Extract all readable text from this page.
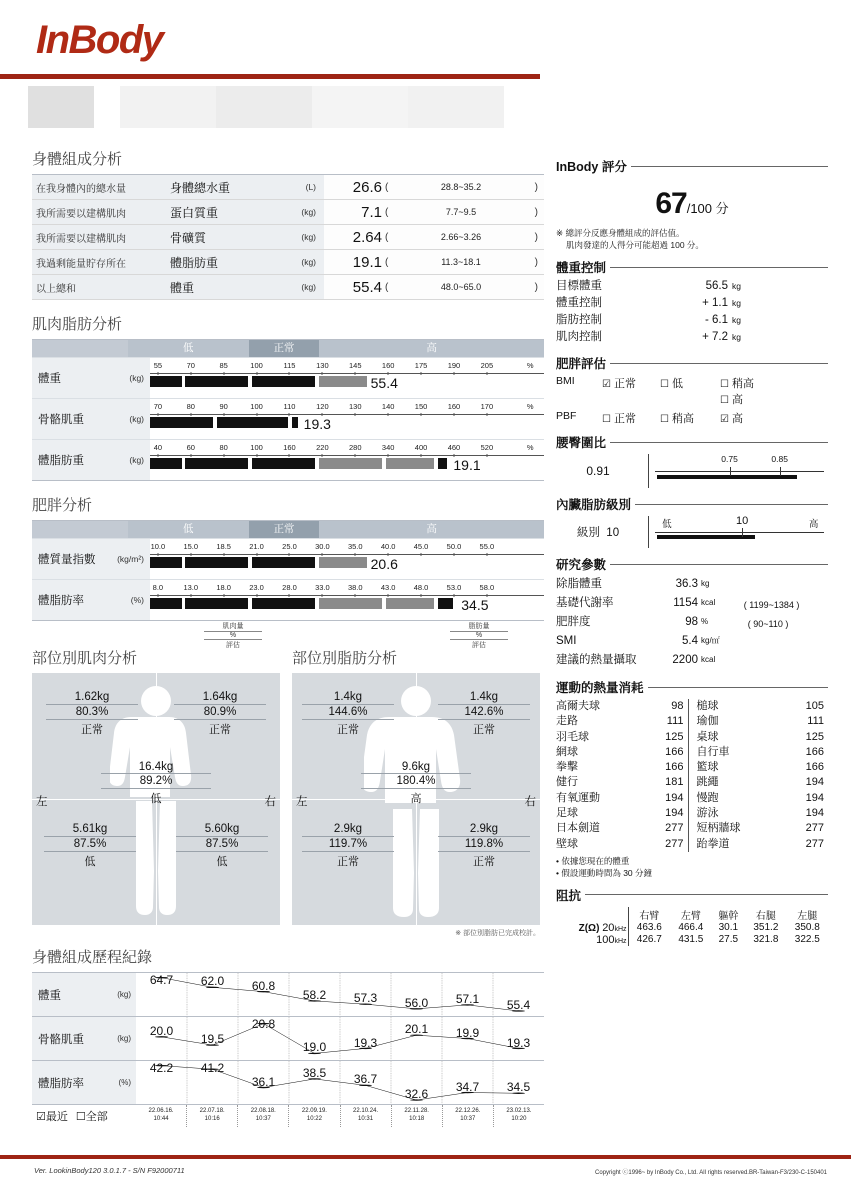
InBody
身體組成分析
在我身體內的總水量	身體總水重	(L)	26.6	(	28.8~35.2	)
我所需要以建構肌肉	蛋白質重	(kg)	7.1	(	7.7~9.5	)
我所需要以建構肌肉	骨礦質	(kg)	2.64	(	2.66~3.26	)
我過剩能量貯存所在	體脂肪重	(kg)	19.1	(	11.3~18.1	)
以上總和	體重	(kg)	55.4	(	48.0~65.0	)
肌肉脂肪分析
低	正常	高
體重	(kg)
55	70	85	100	115	130	145	160	175	190	205	%
55.4
骨骼肌重	(kg)
70	80	90	100	110	120	130	140	150	160	170	%
19.3
體脂肪重	(kg)
40	60	80	100	160	220	280	340	400	460	520	%
19.1
肥胖分析
低	正常	高
體質量指數	(kg/m²)
10.0 15.0 18.5 21.0 25.0 30.0 35.0 40.0 45.0 50.0 55.0
20.6
體脂肪率	(%)
8.0	13.0 18.0 23.0 28.0 33.0 38.0 43.0 48.0 53.0 58.0
34.5
肌肉量
%
評估
脂肪量
%
評估
部位別肌肉分析
1.62kg
80.3%
正常
1.64kg
80.9%
正常
16.4kg
89.2%
低
5.61kg
87.5%
低
5.60kg
87.5%
低
左	右
部位別脂肪分析
1.4kg
144.6%
正常
1.4kg
142.6%
正常
9.6kg
180.4%
高
2.9kg
119.7%
正常
2.9kg
119.8%
正常
左	右
※ 部位別脂肪已完成校計。
身體組成歷程紀錄
體重	(kg)
64.7 62.0 60.8
58.2 57.3 56.0 57.1 55.4
骨骼肌重	(kg)
20.0
19.5
20.8
19.0 19.3
20.1 19.9
19.3
體脂肪率	(%)
42.2 41.2
36.1
38.5 36.7
32.6
34.7 34.5
☑最近 ☐全部	22.06.16.
10:44
22.07.18.
10:16
22.08.18.
10:37
22.09.19.
10:22
22.10.24.
10:31
22.11.28.
10:18
22.12.26.
10:37
23.02.13.
10:20
InBody 評分
67/100 分
※ 總評分反應身體組成的評估值。
肌肉發達的人得分可能超過 100 分。
體重控制
目標體重	56.5 kg
體重控制	+ 1.1 kg
脂肪控制	- 6.1 kg
肌肉控制	+ 7.2 kg
肥胖評估
BMI	☑ 正常	☐ 低	☐ 稍高
☐ 高
PBF	☐ 正常	☐ 稍高	☑ 高
腰臀圍比
0.91
0.75	0.85
內臟脂肪級別
級別 10
低	10	高
研究參數
除脂體重	36.3 kg
基礎代謝率	1154 kcal	( 1199~1384 )
肥胖度	98 %	( 90~110 )
SMI	5.4 kg/㎡
建議的熱量攝取	2200 kcal
運動的熱量消耗
高爾夫球	98
走路	111
羽毛球	125
網球	166
拳擊	166
健行	181
有氧運動	194
足球	194
日本劍道	277
壁球	277
槌球	105
瑜伽	111
桌球	125
自行車	166
籃球	166
跳繩	194
慢跑	194
游泳	194
短柄牆球	277
跆拳道	277
• 依據您現在的體重
• 假設運動時間為 30 分鐘
阻抗
	右臂	左臂	軀幹	右腿	左腿
Z(Ω) 20kHz	463.6	466.4	30.1	351.2	350.8
100kHz	426.7	431.5	27.5	321.8	322.5
Ver. LookinBody120 3.0.1.7 - S/N F92000711	Copyright ⓒ1996~ by InBody Co., Ltd. All rights reserved.BR-Taiwan-F3/230-C-150401
